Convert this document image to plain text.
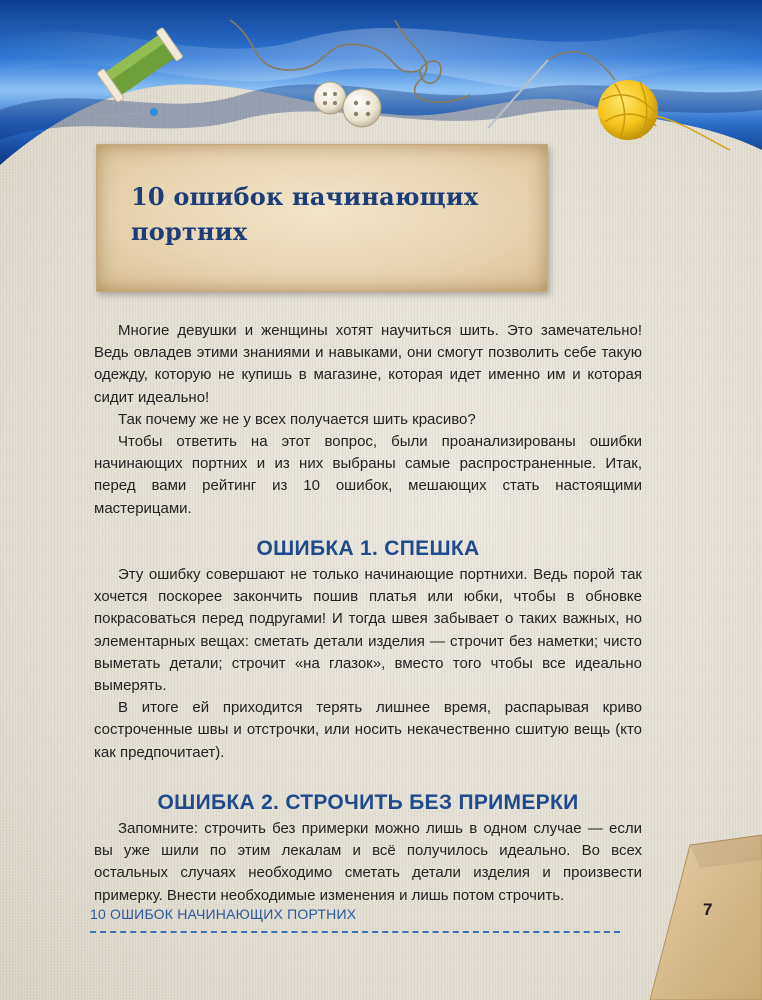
10 ошибок начинающих портних

Многие девушки и женщины хотят научиться шить. Это замечательно! Ведь овладев этими знаниями и навыками, они смогут позволить себе такую одежду, которую не купишь в магазине, которая идет именно им и которая сидит идеально!

Так почему же не у всех получается шить красиво?

Чтобы ответить на этот вопрос, были проанализированы ошибки начинающих портних и из них выбраны самые распространенные. Итак, перед вами рейтинг из 10 ошибок, мешающих стать настоящими мастерицами.

ОШИБКА 1. СПЕШКА

Эту ошибку совершают не только начинающие портнихи. Ведь порой так хочется поскорее закончить пошив платья или юбки, чтобы в обновке покрасоваться перед подругами! И тогда швея забывает о таких важных, но элементарных вещах: сметать детали изделия — строчит без наметки; чисто выметать детали; строчит «на глазок», вместо того чтобы все идеально вымерять.

В итоге ей приходится терять лишнее время, распарывая криво состроченные швы и отстрочки, или носить некачественно сшитую вещь (кто как предпочитает).

ОШИБКА 2. СТРОЧИТЬ БЕЗ ПРИМЕРКИ

Запомните: строчить без примерки можно лишь в одном случае — если вы уже шили по этим лекалам и всё получилось идеально. Во всех остальных случаях необходимо сметать детали изделия и произвести примерку. Внести необходимые изменения и лишь потом строчить.

10 ОШИБОК НАЧИНАЮЩИХ ПОРТНИХ	7
